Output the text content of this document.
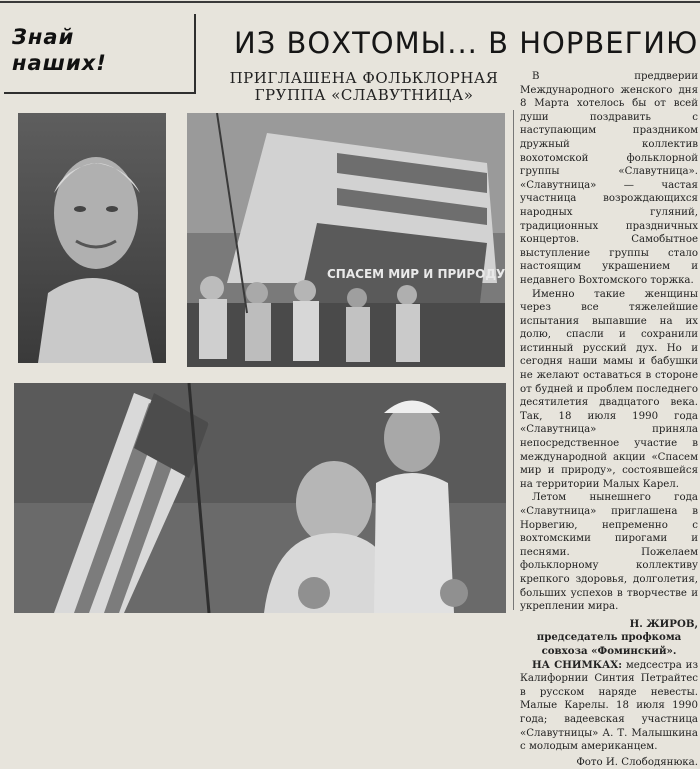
Знай наших!
ИЗ ВОХТОМЫ... В НОРВЕГИЮ
ПРИГЛАШЕНА ФОЛЬКЛОРНАЯ ГРУППА «СЛАВУТНИЦА»
СПАСЕМ МИР И ПРИРОДУ

В преддверии Международного женского дня 8 Марта хотелось бы от всей души поздравить с наступающим праздником дружный коллектив вохотомской фольклорной группы «Славутница». «Славутница» — частая участница возрождающихся народных гуляний, традиционных праздничных концертов. Самобытное выступление группы стало настоящим украшением и недавнего Вохтомского торжка.

Именно такие женщины через все тяжелейшие испытания выпавшие на их долю, спасли и сохранили истинный русский дух. Но и сегодня наши мамы и бабушки не желают оставаться в стороне от будней и проблем последнего десятилетия двадцатого века. Так, 18 июля 1990 года «Славутница» приняла непосредственное участие в международной акции «Спасем мир и природу», состоявшейся на территории Малых Карел.

Летом нынешнего года «Славутница» приглашена в Норвегию, непременно с вохтомскими пирогами и песнями. Пожелаем фольклорному коллективу крепкого здоровья, долголетия, больших успехов в творчестве и укреплении мира.

Н. ЖИРОВ,
председатель профкома совхоза «Фоминский».

НА СНИМКАХ: медсестра из Калифорнии Синтия Петрайтес в русском наряде невесты. Малые Карелы. 18 июля 1990 года; вадеевская участница «Славутницы» А. Т. Малышкина с молодым американцем.

Фото И. Слободянюка.
